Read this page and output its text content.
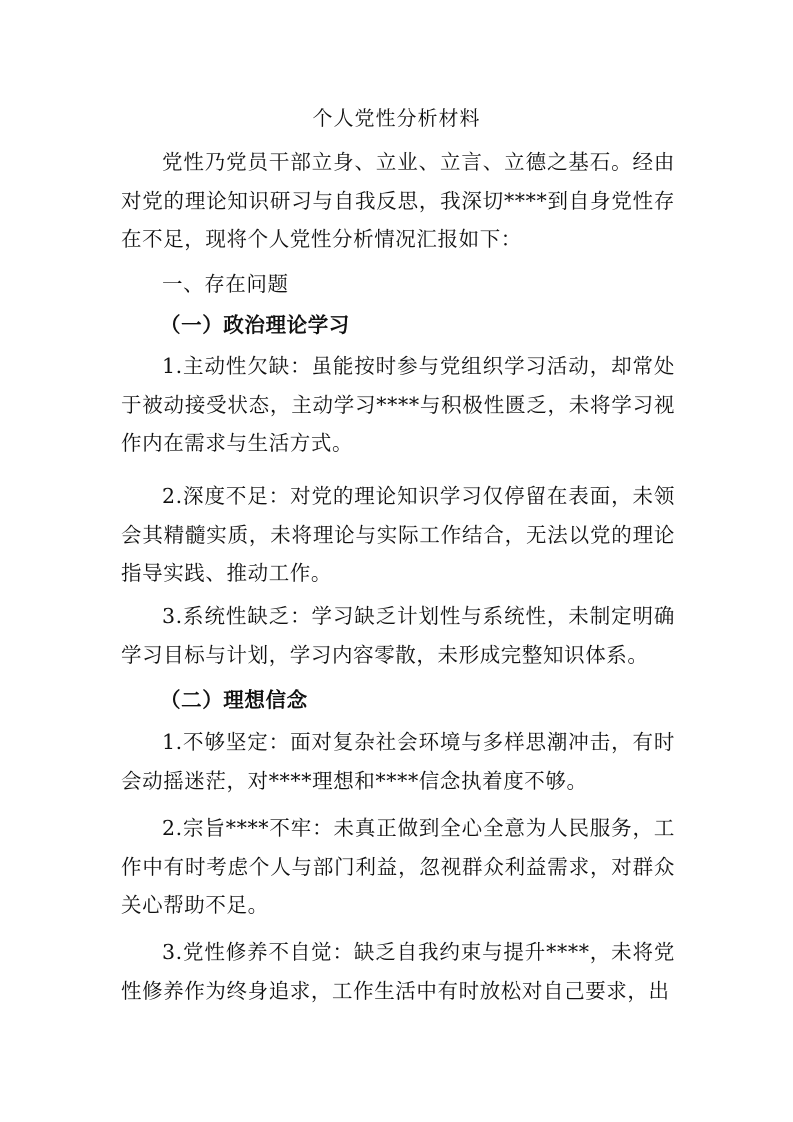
个人党性分析材料

党性乃党员干部立身、立业、立言、立德之基石。经由对党的理论知识研习与自我反思，我深切****到自身党性存在不足，现将个人党性分析情况汇报如下：

一、存在问题
（一）政治理论学习

1.主动性欠缺：虽能按时参与党组织学习活动，却常处于被动接受状态，主动学习****与积极性匮乏，未将学习视作内在需求与生活方式。

2.深度不足：对党的理论知识学习仅停留在表面，未领会其精髓实质，未将理论与实际工作结合，无法以党的理论指导实践、推动工作。

3.系统性缺乏：学习缺乏计划性与系统性，未制定明确学习目标与计划，学习内容零散，未形成完整知识体系。

（二）理想信念

1.不够坚定：面对复杂社会环境与多样思潮冲击，有时会动摇迷茫，对****理想和****信念执着度不够。

2.宗旨****不牢：未真正做到全心全意为人民服务，工作中有时考虑个人与部门利益，忽视群众利益需求，对群众关心帮助不足。

3.党性修养不自觉：缺乏自我约束与提升****，未将党性修养作为终身追求，工作生活中有时放松对自己要求，出
